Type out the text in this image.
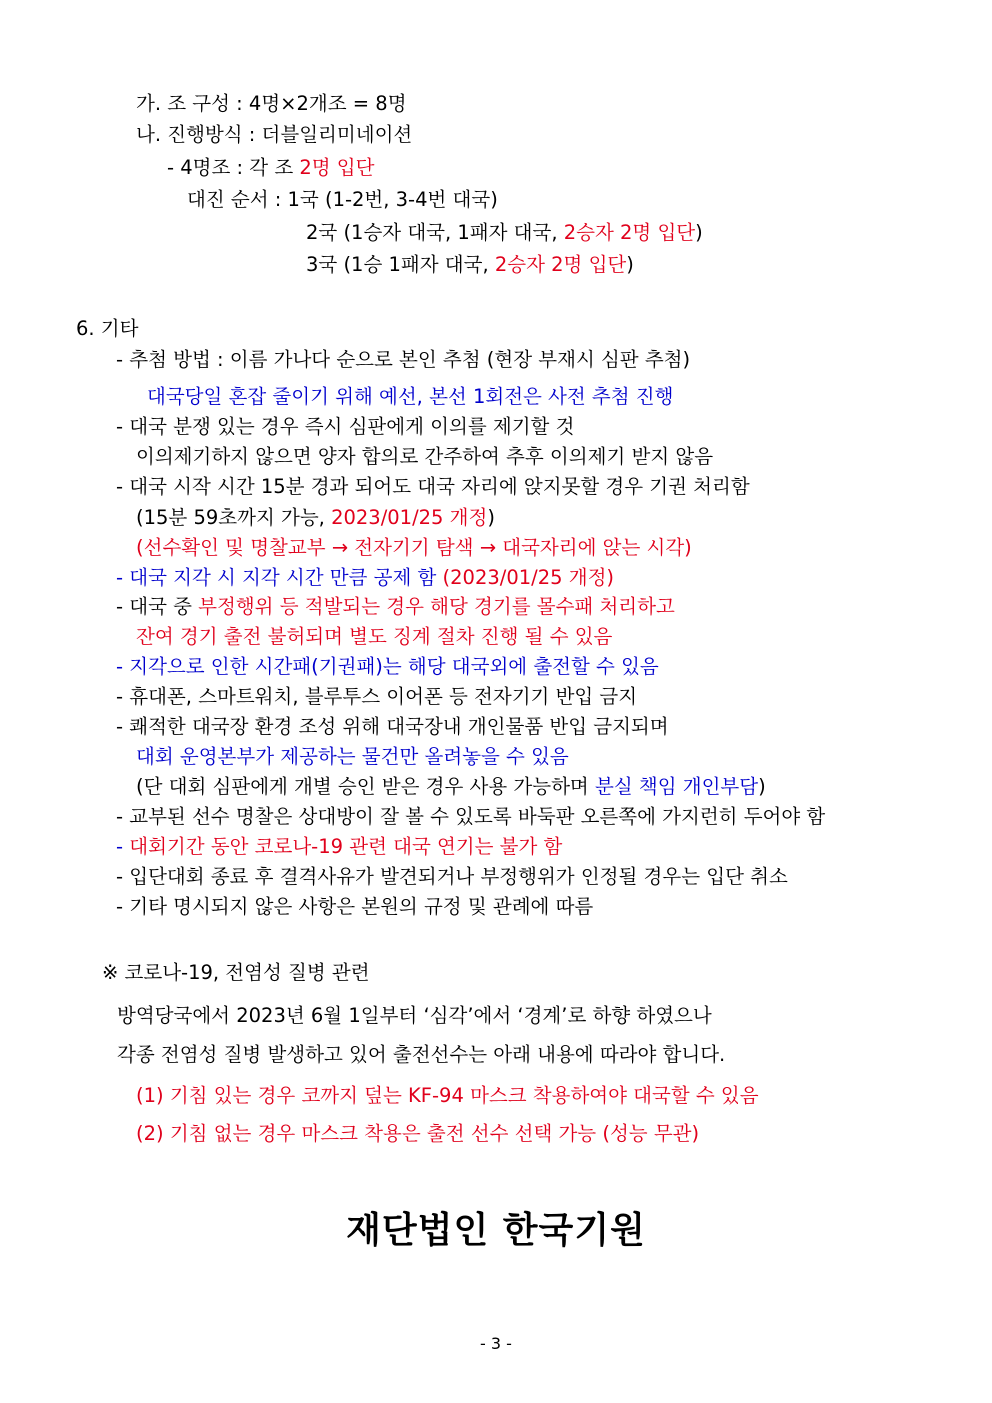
가. 조 구성 : 4명×2개조 = 8명
나. 진행방식 : 더블일리미네이션
- 4명조 : 각 조 2명 입단
대진 순서 : 1국 (1-2번, 3-4번 대국)
2국 (1승자 대국, 1패자 대국, 2승자 2명 입단)
3국 (1승 1패자 대국, 2승자 2명 입단)
6. 기타
- 추첨 방법 : 이름 가나다 순으로 본인 추첨 (현장 부재시 심판 추첨)
대국당일 혼잡 줄이기 위해 예선, 본선 1회전은 사전 추첨 진행
- 대국 분쟁 있는 경우 즉시 심판에게 이의를 제기할 것
이의제기하지 않으면 양자 합의로 간주하여 추후 이의제기 받지 않음
- 대국 시작 시간 15분 경과 되어도 대국 자리에 앉지못할 경우 기권 처리함
(15분 59초까지 가능, 2023/01/25 개정)
(선수확인 및 명찰교부 → 전자기기 탐색 → 대국자리에 앉는 시각)
- 대국 지각 시 지각 시간 만큼 공제 함 (2023/01/25 개정)
- 대국 중 부정행위 등 적발되는 경우 해당 경기를 몰수패 처리하고
잔여 경기 출전 불허되며 별도 징계 절차 진행 될 수 있음
- 지각으로 인한 시간패(기권패)는 해당 대국외에 출전할 수 있음
- 휴대폰, 스마트워치, 블루투스 이어폰 등 전자기기 반입 금지
- 쾌적한 대국장 환경 조성 위해 대국장내 개인물품 반입 금지되며
대회 운영본부가 제공하는 물건만 올려놓을 수 있음
(단 대회 심판에게 개별 승인 받은 경우 사용 가능하며 분실 책임 개인부담)
- 교부된 선수 명찰은 상대방이 잘 볼 수 있도록 바둑판 오른쪽에 가지런히 두어야 함
- 대회기간 동안 코로나-19 관련 대국 연기는 불가 함
- 입단대회 종료 후 결격사유가 발견되거나 부정행위가 인정될 경우는 입단 취소
- 기타 명시되지 않은 사항은 본원의 규정 및 관례에 따름
※ 코로나-19, 전염성 질병 관련
방역당국에서 2023년 6월 1일부터 ‘심각’에서 ‘경계’로 하향 하였으나
각종 전염성 질병 발생하고 있어 출전선수는 아래 내용에 따라야 합니다.
(1) 기침 있는 경우 코까지 덮는 KF-94 마스크 착용하여야 대국할 수 있음
(2) 기침 없는 경우 마스크 착용은 출전 선수 선택 가능 (성능 무관)
재단법인 한국기원
- 3 -
